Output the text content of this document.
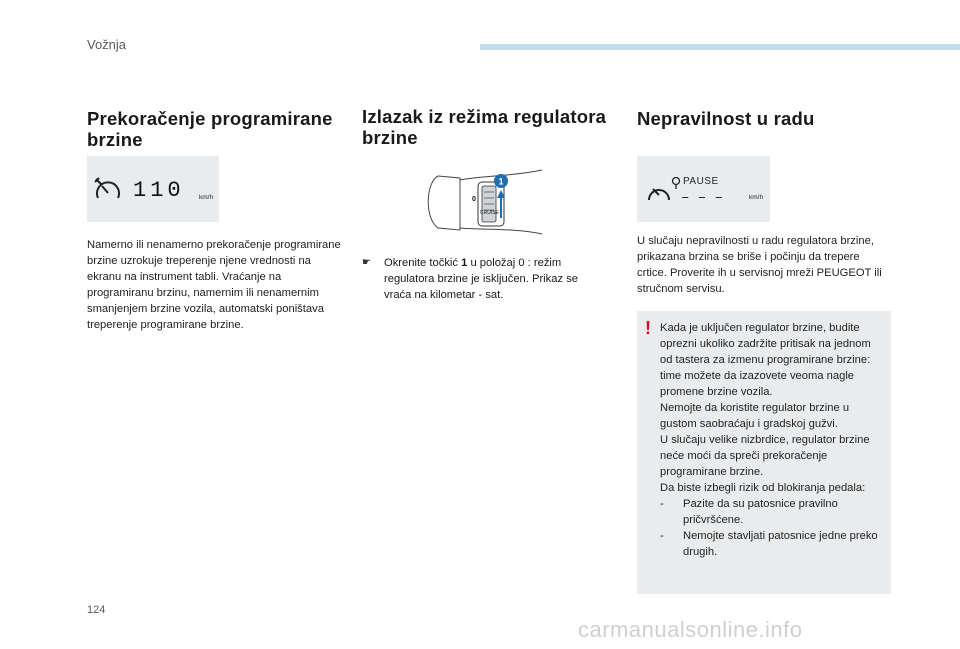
Vožnja
Prekoračenje programirane brzine
110 km/h

Namerno ili nenamerno prekoračenje programirane brzine uzrokuje treperenje njene vrednosti na ekranu na instrument tabli. Vraćanje na programiranu brzinu, namernim ili nenamernim smanjenjem brzine vozila, automatski poništava treperenje programirane brzine.

Izlazak iz režima regulatora brzine
1
0
CRUISE
☛ Okrenite točkić 1 u položaj 0 : režim regulatora brzine je isključen. Prikaz se vraća na kilometar - sat.
Nepravilnost u radu
PAUSE
– – –	km/h

U slučaju nepravilnosti u radu regulatora brzine, prikazana brzina se briše i počinju da trepere crtice. Proverite ih u servisnoj mreži PEUGEOT ili stručnom servisu.

! Kada je uključen regulator brzine, budite oprezni ukoliko zadržite pritisak na jednom od tastera za izmenu programirane brzine: time možete da izazovete veoma nagle promene brzine vozila.
Nemojte da koristite regulator brzine u gustom saobraćaju i gradskoj gužvi.
U slučaju velike nizbrdice, regulator brzine neće moći da spreči prekoračenje programirane brzine.
Da biste izbegli rizik od blokiranja pedala:
- Pazite da su patosnice pravilno pričvršćene.
- Nemojte stavljati patosnice jedne preko drugih.
124
carmanualsonline.info
